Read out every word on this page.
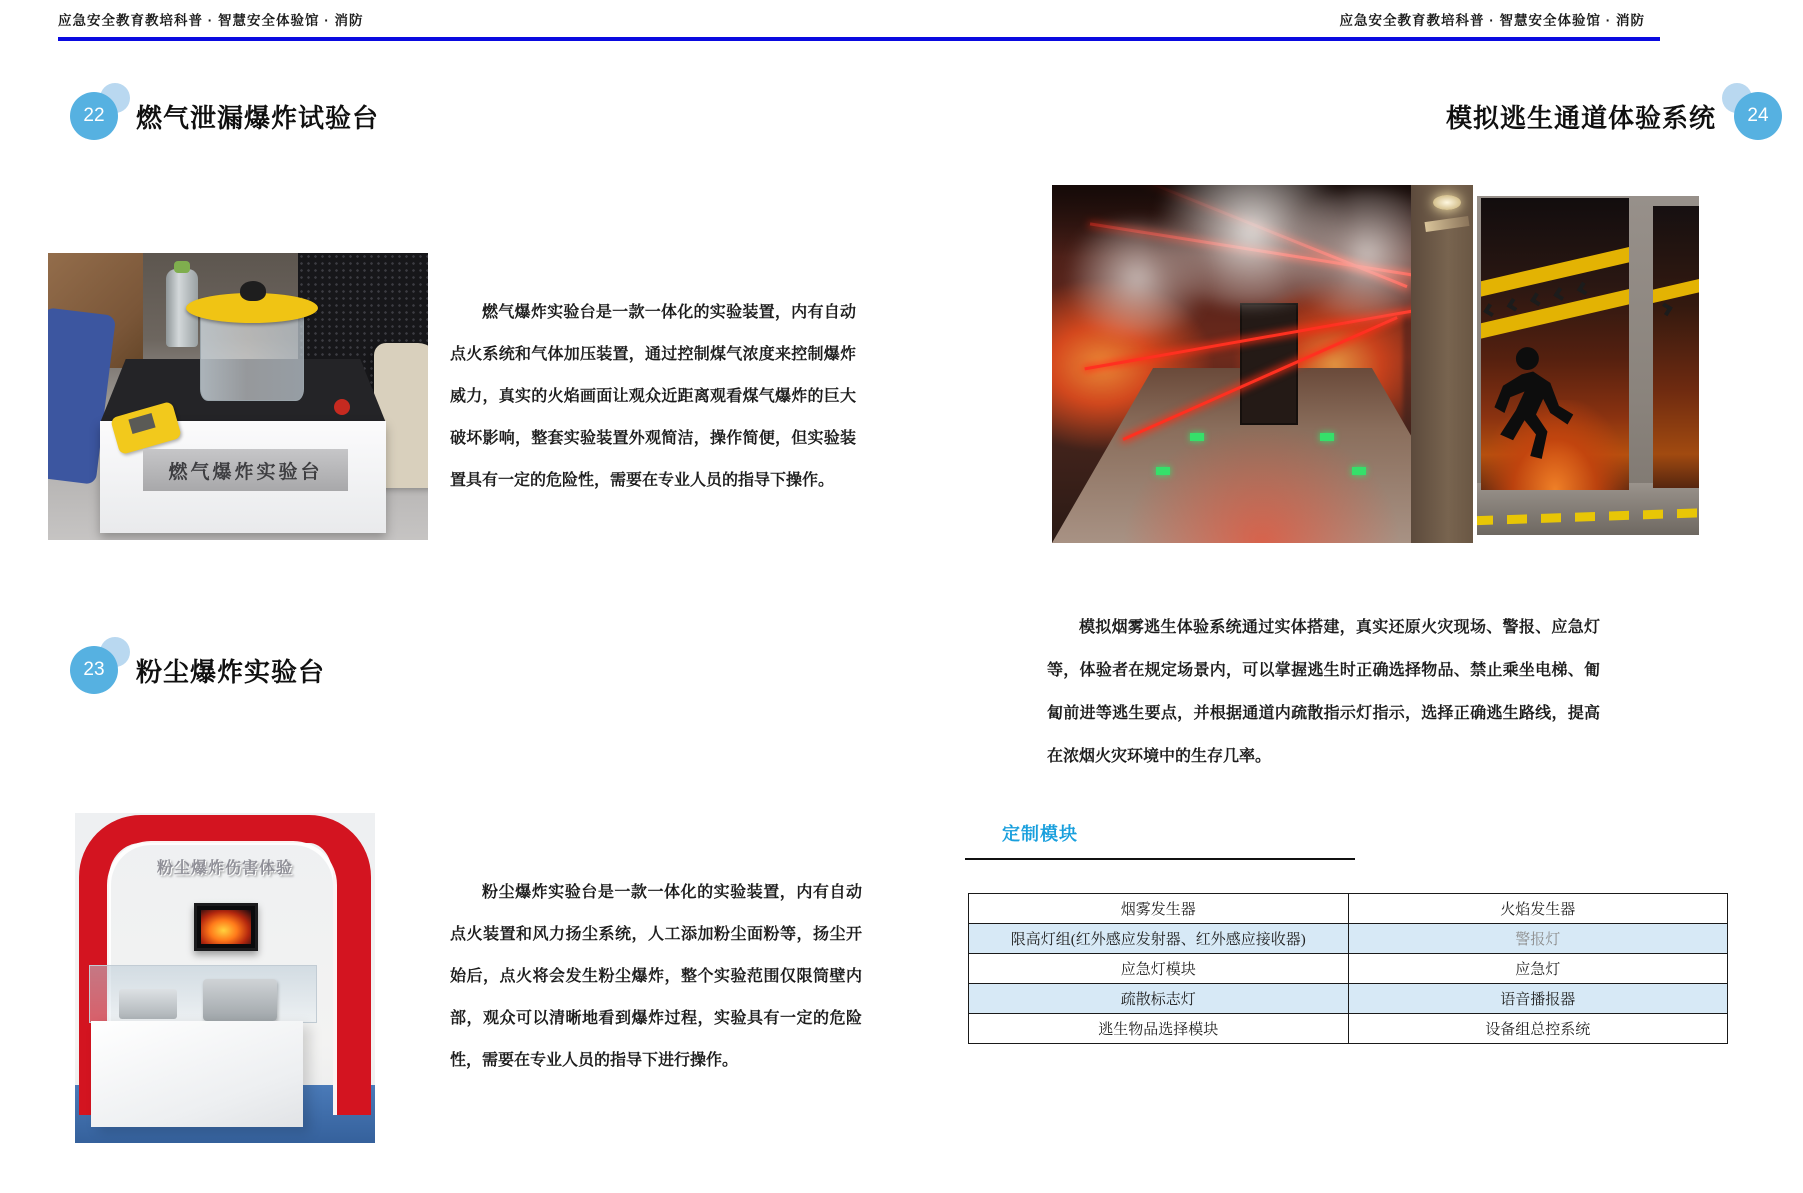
应急安全教育教培科普 · 智慧安全体验馆 · 消防	应急安全教育教培科普 · 智慧安全体验馆 · 消防
22	燃气泄漏爆炸试验台
燃气爆炸实验台
燃气爆炸实验台是一款一体化的实验装置，内有自动点火系统和气体加压装置，通过控制煤气浓度来控制爆炸威力，真实的火焰画面让观众近距离观看煤气爆炸的巨大破坏影响，整套实验装置外观简洁，操作简便，但实验装置具有一定的危险性，需要在专业人员的指导下操作。
23	粉尘爆炸实验台
粉尘爆炸伤害体验
粉尘爆炸实验台是一款一体化的实验装置，内有自动点火装置和风力扬尘系统，人工添加粉尘面粉等，扬尘开始后，点火将会发生粉尘爆炸，整个实验范围仅限筒壁内部，观众可以清晰地看到爆炸过程，实验具有一定的危险性，需要在专业人员的指导下进行操作。
模拟逃生通道体验系统	24
模拟烟雾逃生体验系统通过实体搭建，真实还原火灾现场、警报、应急灯等，体验者在规定场景内，可以掌握逃生时正确选择物品、禁止乘坐电梯、匍匐前进等逃生要点，并根据通道内疏散指示灯指示，选择正确逃生路线，提高在浓烟火灾环境中的生存几率。
定制模块
烟雾发生器	火焰发生器
限高灯组(红外感应发射器、红外感应接收器)	警报灯
应急灯模块	应急灯
疏散标志灯	语音播报器
逃生物品选择模块	设备组总控系统
